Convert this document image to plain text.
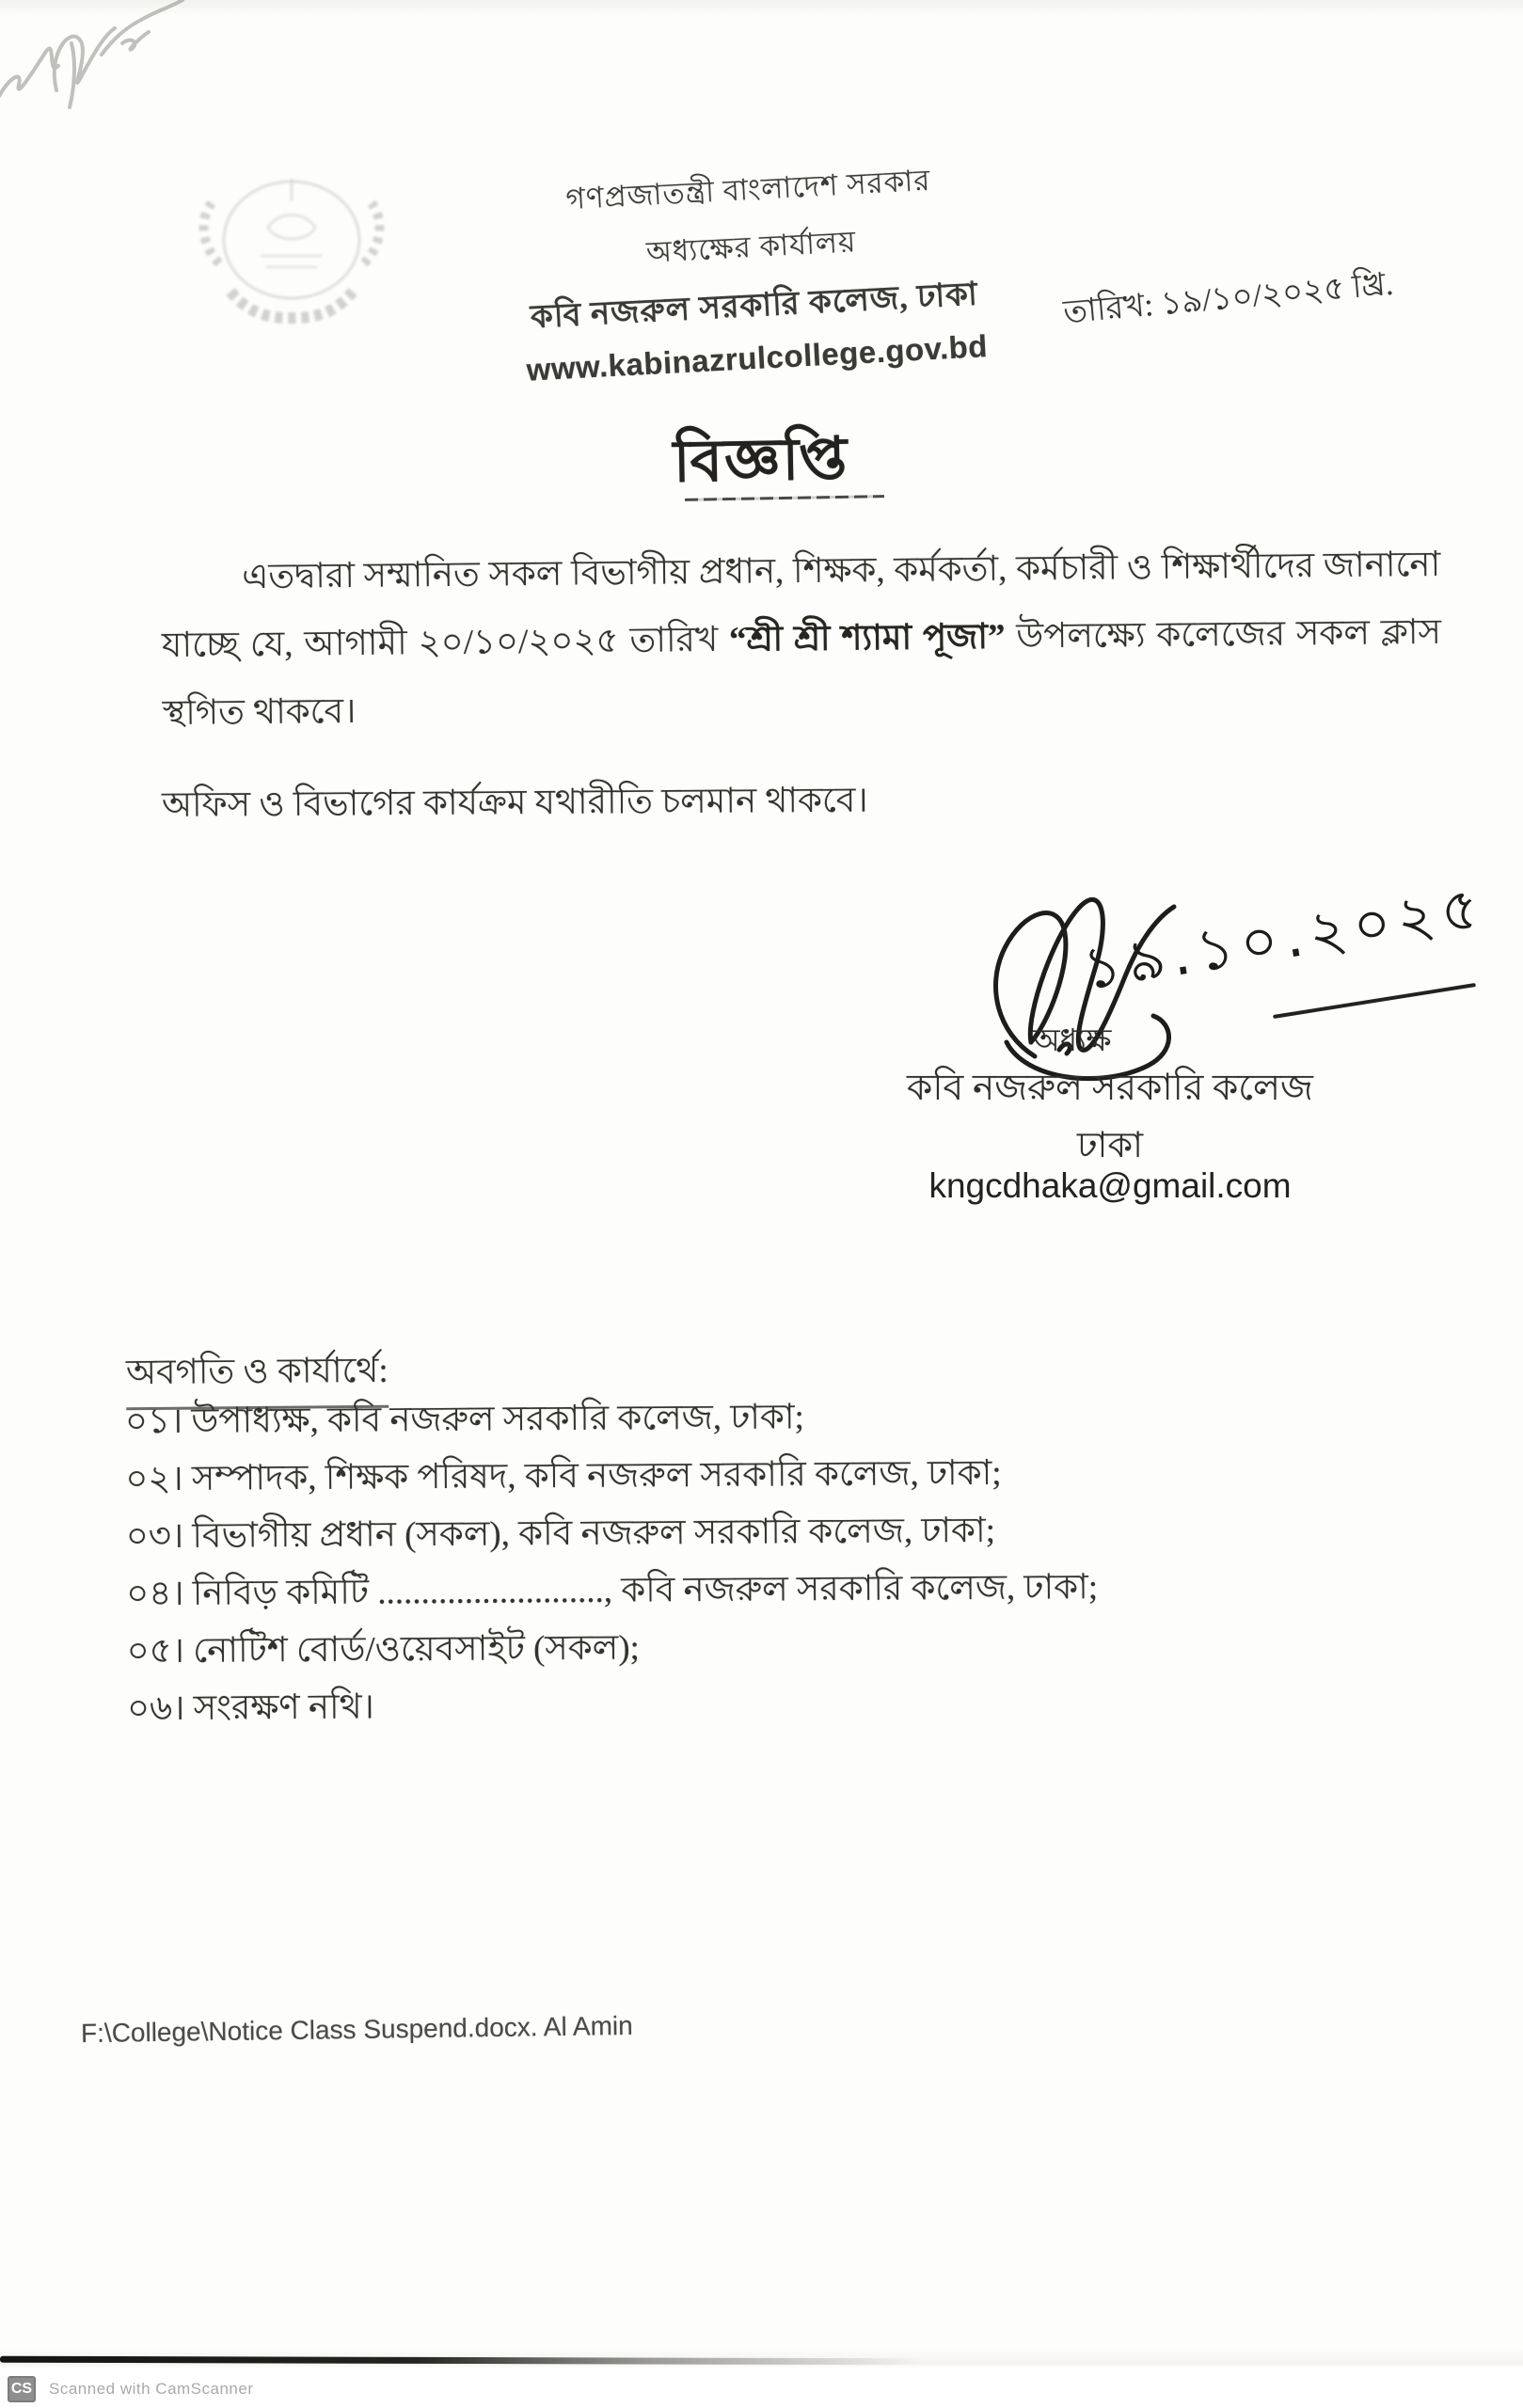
গণপ্রজাতন্ত্রী বাংলাদেশ সরকার
অধ্যক্ষের কার্যালয়
কবি নজরুল সরকারি কলেজ, ঢাকা
www.kabinazrulcollege.gov.bd
তারিখ: ১৯/১০/২০২৫ খ্রি.
বিজ্ঞপ্তি
এতদ্বারা সম্মানিত সকল বিভাগীয় প্রধান, শিক্ষক, কর্মকর্তা, কর্মচারী ও শিক্ষার্থীদের জানানো যাচ্ছে যে, আগামী ২০/১০/২০২৫ তারিখ “শ্রী শ্রী শ্যামা পূজা” উপলক্ষ্যে কলেজের সকল ক্লাস স্থগিত থাকবে।
অফিস ও বিভাগের কার্যক্রম যথারীতি চলমান থাকবে।
১৯.১০.২০২৫
অধ্যক্ষ
কবি নজরুল সরকারি কলেজ
ঢাকা
kngcdhaka@gmail.com
অবগতি ও কার্যার্থে:
০১। উপাধ্যক্ষ, কবি নজরুল সরকারি কলেজ, ঢাকা;
০২। সম্পাদক, শিক্ষক পরিষদ, কবি নজরুল সরকারি কলেজ, ঢাকা;
০৩। বিভাগীয় প্রধান (সকল), কবি নজরুল সরকারি কলেজ, ঢাকা;
০৪। নিবিড় কমিটি .........................., কবি নজরুল সরকারি কলেজ, ঢাকা;
০৫। নোটিশ বোর্ড/ওয়েবসাইট (সকল);
০৬। সংরক্ষণ নথি।
F:\College\Notice Class Suspend.docx. Al Amin
CS Scanned with CamScanner
